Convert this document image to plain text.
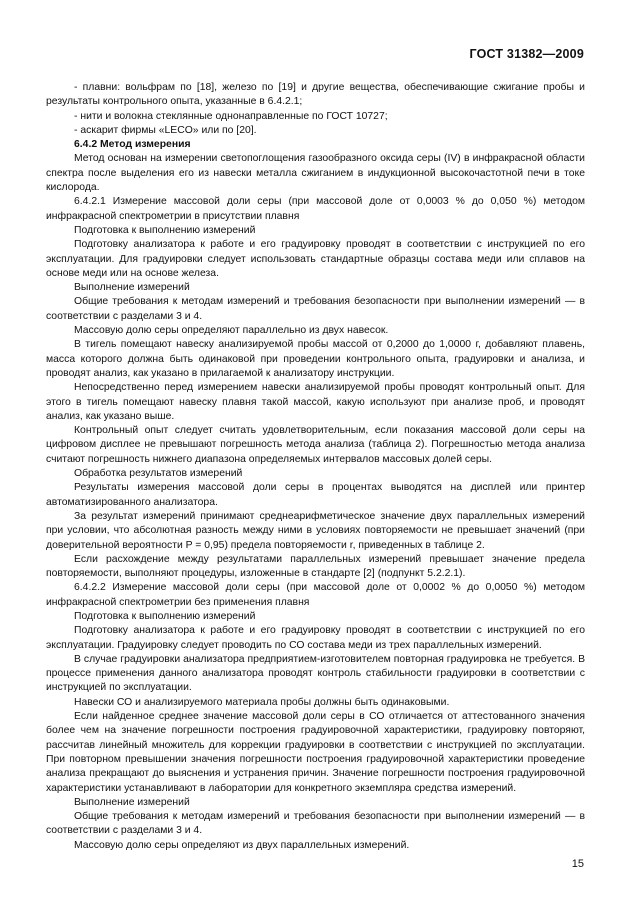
ГОСТ 31382—2009

- плавни: вольфрам по [18], железо по [19] и другие вещества, обеспечивающие сжигание пробы и результаты контрольного опыта, указанные в 6.4.2.1;

- нити и волокна стеклянные однонаправленные по ГОСТ 10727;

- аскарит фирмы «LECO» или по [20].

6.4.2 Метод измерения

Метод основан на измерении светопоглощения газообразного оксида серы (IV) в инфракрасной области спектра после выделения его из навески металла сжиганием в индукционной высокочастотной печи в токе кислорода.

6.4.2.1 Измерение массовой доли серы (при массовой доле от 0,0003 % до 0,050 %) методом инфракрасной спектрометрии в присутствии плавня

Подготовка к выполнению измерений

Подготовку анализатора к работе и его градуировку проводят в соответствии с инструкцией по его эксплуатации. Для градуировки следует использовать стандартные образцы состава меди или сплавов на основе меди или на основе железа.

Выполнение измерений

Общие требования к методам измерений и требования безопасности при выполнении измерений — в соответствии с разделами 3 и 4.

Массовую долю серы определяют параллельно из двух навесок.

В тигель помещают навеску анализируемой пробы массой от 0,2000 до 1,0000 г, добавляют плавень, масса которого должна быть одинаковой при проведении контрольного опыта, градуировки и анализа, и проводят анализ, как указано в прилагаемой к анализатору инструкции.

Непосредственно перед измерением навески анализируемой пробы проводят контрольный опыт. Для этого в тигель помещают навеску плавня такой массой, какую используют при анализе проб, и проводят анализ, как указано выше.

Контрольный опыт следует считать удовлетворительным, если показания массовой доли серы на цифровом дисплее не превышают погрешность метода анализа (таблица 2). Погрешностью метода анализа считают погрешность нижнего диапазона определяемых интервалов массовых долей серы.

Обработка результатов измерений

Результаты измерения массовой доли серы в процентах выводятся на дисплей или принтер автоматизированного анализатора.

За результат измерений принимают среднеарифметическое значение двух параллельных измерений при условии, что абсолютная разность между ними в условиях повторяемости не превышает значений (при доверительной вероятности P = 0,95) предела повторяемости r, приведенных в таблице 2.

Если расхождение между результатами параллельных измерений превышает значение предела повторяемости, выполняют процедуры, изложенные в стандарте [2] (подпункт 5.2.2.1).

6.4.2.2 Измерение массовой доли серы (при массовой доле от 0,0002 % до 0,0050 %) методом инфракрасной спектрометрии без применения плавня

Подготовка к выполнению измерений

Подготовку анализатора к работе и его градуировку проводят в соответствии с инструкцией по его эксплуатации. Градуировку следует проводить по СО состава меди из трех параллельных измерений.

В случае градуировки анализатора предприятием-изготовителем повторная градуировка не требуется. В процессе применения данного анализатора проводят контроль стабильности градуировки в соответствии с инструкцией по эксплуатации.

Навески СО и анализируемого материала пробы должны быть одинаковыми.

Если найденное среднее значение массовой доли серы в СО отличается от аттестованного значения более чем на значение погрешности построения градуировочной характеристики, градуировку повторяют, рассчитав линейный множитель для коррекции градуировки в соответствии с инструкцией по эксплуатации. При повторном превышении значения погрешности построения градуировочной характеристики проведение анализа прекращают до выяснения и устранения причин. Значение погрешности построения градуировочной характеристики устанавливают в лаборатории для конкретного экземпляра средства измерений.

Выполнение измерений

Общие требования к методам измерений и требования безопасности при выполнении измерений — в соответствии с разделами 3 и 4.

Массовую долю серы определяют из двух параллельных измерений.

15
